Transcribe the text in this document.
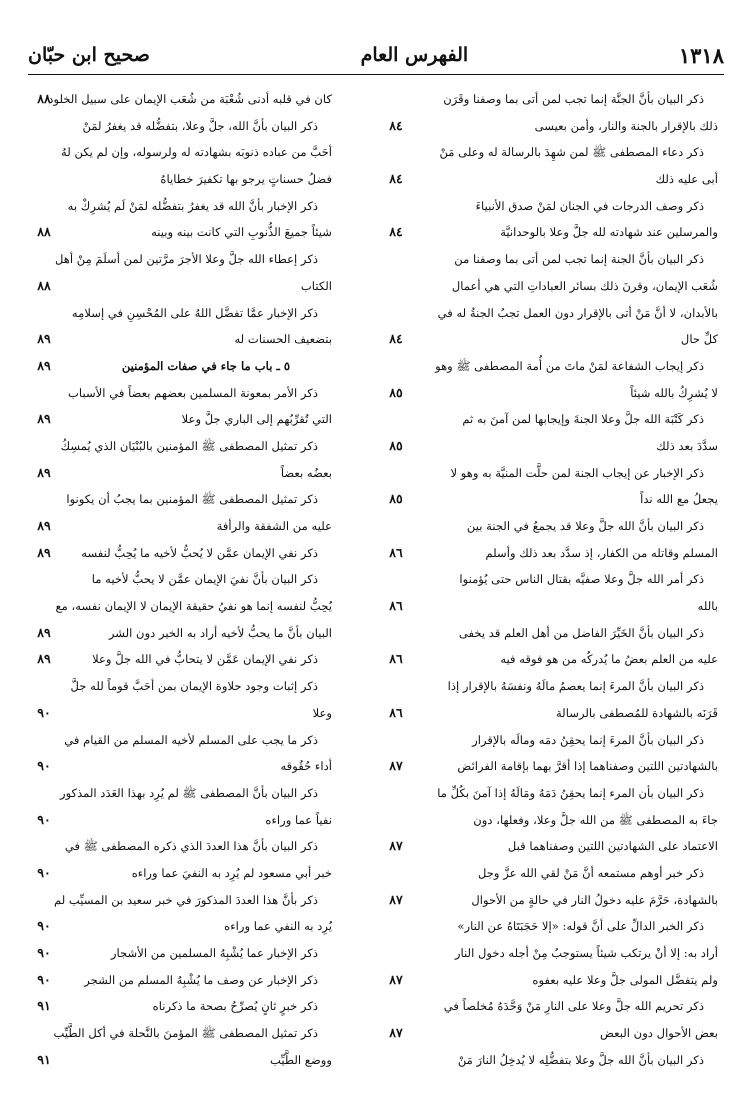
صحيح ابن حبّان	الفهرس العام	١٣١٨
ذكر البيان بأنَّ الجنَّة إنما تجب لمن أتى بما وصفنا وقَرَن
ذلك بالإقرار بالجنة والنار، وأمن بعيسى
ذكر دعاء المصطفى ﷺ لمن شهِدَ بالرسالة له وعلى مَنْ
أبى عليه ذلك
ذكر وصف الدرجات في الجنان لمَنْ صدق الأنبياءَ
والمرسلين عند شهادته لله جلَّ وعلا بالوحدانيَّة
ذكر البيان بأنَّ الجنة إنما تجب لمن أتى بما وصفنا من
شُعَب الإيمان، وقرنَ ذلك بسائر العباداتِ التي هي أعمال
بالأبدان، لا أنَّ مَنْ أتى بالإقرار دون العمل تجبُ الجنةُ له في
كلِّ حال
ذكر إيجاب الشفاعة لمَنْ ماتَ من أُمة المصطفى ﷺ وهو
لا يُشرِكُ بالله شيئاً
ذكر كَتْبَة الله جلَّ وعلا الجنةَ وإيجابها لمن آمنَ به ثم
سدَّدَ بعد ذلك
ذكر الإخبار عن إيجاب الجنة لمن حلَّت المنيَّة به وهو لا
يجعلُ مع الله نداً
ذكر البيان بأنَّ الله جلَّ وعلا قد يجمعُ في الجنة بين
المسلم وقاتله من الكفار، إذ سدَّد بعد ذلك وأسلم
ذكر أمر الله جلَّ وعلا صفيَّه بقتال الناس حتى يُؤمنوا
بالله
ذكر البيان بأنَّ الخَيِّرَ الفاضل من أهل العلم قد يخفى
عليه من العلم بعضُ ما يُدركُه من هو فوقه فيه
ذكر البيان بأنَّ المرءَ إنما يعصمُ مالَهُ ونفسَهُ بالإقرار إذا
قَرَنَه بالشهادة للمُصطفى بالرسالة
ذكر البيان بأنَّ المرءَ إنما يحقِنُ دمَه ومالَه بالإقرار
بالشهادتين اللتين وصفناهما إذا أقرَّ بهما بإقامة الفرائض
ذكر البيان بأن المرء إنما يحقِنُ دَمَهُ ومَالَهُ إذا آمنَ بكُلِّ ما
جاءَ به المصطفى ﷺ من الله جلَّ وعلا، وفعلها، دون
الاعتماد على الشهادتين اللتين وصفناهما قبل
ذكر خبر أوهم مستمعه أنَّ مَنْ لقي الله عزَّ وجل
بالشهادة، حَرَّمَ عليه دخولُ النار في حالةٍ من الأحوال
ذكر الخبر الدالِّ على أنَّ قوله: «إلا حَجَبَتَاهُ عن النار»
أراد به: إلا أنْ يرتكب شيئاً يستوجبُ مِنْ أجله دخول النار
ولم يتفضَّل المولى جلَّ وعلا عليه بعفوه
ذكر تحريم الله جلَّ وعلا على النارِ مَنْ وَحَّدَهُ مُخلصاً في
بعض الأحوال دون البعض
ذكر البيان بأنَّ الله جلَّ وعلا بتفضُّلِه لا يُدخِلُ النارَ مَنْ
٨٤
٨٤
٨٤
٨٤
٨٥
٨٥
٨٥
٨٦
٨٦
٨٦
٨٦
٨٧
٨٧
٨٧
٨٧
٨٧
كان في قلبه أدنى شُعْبَة من شُعَب الإيمان على سبيل الخلود
ذكر البيان بأنَّ الله، جلَّ وعلا، بتفضُّله قد يغفرُ لمَنْ
أحَبَّ من عباده ذنوبَه بشهادته له ولرسوله، وإن لم يكن لهُ
فضلُ حسناتٍ يرجو بها تكفيرَ خطاياهُ
ذكر الإخبار بأنَّ الله قد يغفرُ بتفضُّله لمَنْ لَم يُشرِكْ به
شيئاً جميعَ الذُّنوبِ التي كانت بينه وبينه
ذكر إعطاء الله جلَّ وعلا الأجرَ مرَّتين لمن أسلَمَ مِنْ أهل
الكتاب
ذكر الإخبار عمَّا تفضَّل اللهُ على المُحْسِنِ في إسلامِه
بتضعيف الحسنات له
٥ ـ باب ما جاء في صفات المؤمنين
ذكر الأمر بمعونة المسلمين بعضهم بعضاً في الأسباب
التي تُقرِّبُهم إلى الباري جلَّ وعلا
ذكر تمثيل المصطفى ﷺ المؤمنين بالبُنْيَان الذي يُمسِكُ
بعضُه بعضاً
ذكر تمثيل المصطفى ﷺ المؤمنين بما يجبُ أن يكونوا
عليه من الشفقة والرأفة
ذكر نفي الإيمان عمَّن لا يُحبُّ لأخيه ما يُحِبُّ لنفسه
ذكر البيان بأنَّ نفيَ الإيمان عمَّن لا يحبُّ لأخيه ما
يُحِبُّ لنفسه إنما هو نفيُ حقيقة الإيمان لا الإيمان نفسه، مع
البيان بأنَّ ما يحبُّ لأخيه أراد به الخير دون الشر
ذكر نفي الإيمان عَمَّن لا يتحابُّ في الله جلَّ وعلا
ذكر إثبات وجود حلاوة الإيمان بمن أحَبَّ قوماً لله جلَّ
وعلا
ذكر ما يجب على المسلم لأخيه المسلم من القيام في
أداء حُقُوقه
ذكر البيان بأنَّ المصطفى ﷺ لم يُرِد بهذا العَدَد المذكور
نفياً عما وراءه
ذكر البيان بأنَّ هذا العددَ الذي ذكره المصطفى ﷺ في
خبر أبي مسعود لم يُرِد به النفيَ عما وراءه
ذكر بأنَّ هذا العددَ المذكورَ في خبر سعيد بن المسيِّب لم
يُرِد به النفي عما وراءه
ذكر الإخبار عما يُشْبِهُ المسلمين من الأشجار
ذكر الإخبار عن وصف ما يُشْبِهُ المسلم من الشجر
ذكر خبرٍ ثانٍ يُصرِّحُ بصحة ما ذكرناه
ذكر تمثيل المصطفى ﷺ المؤمنَ بالنَّحلة في أكل الطَّيِّب
ووضع الطَّيِّب
٨٨
٨٨
٨٨
٨٩
٨٩
٨٩
٨٩
٨٩
٨٩
٨٩
٨٩
٩٠
٩٠
٩٠
٩٠
٩٠
٩٠
٩٠
٩١
٩١
